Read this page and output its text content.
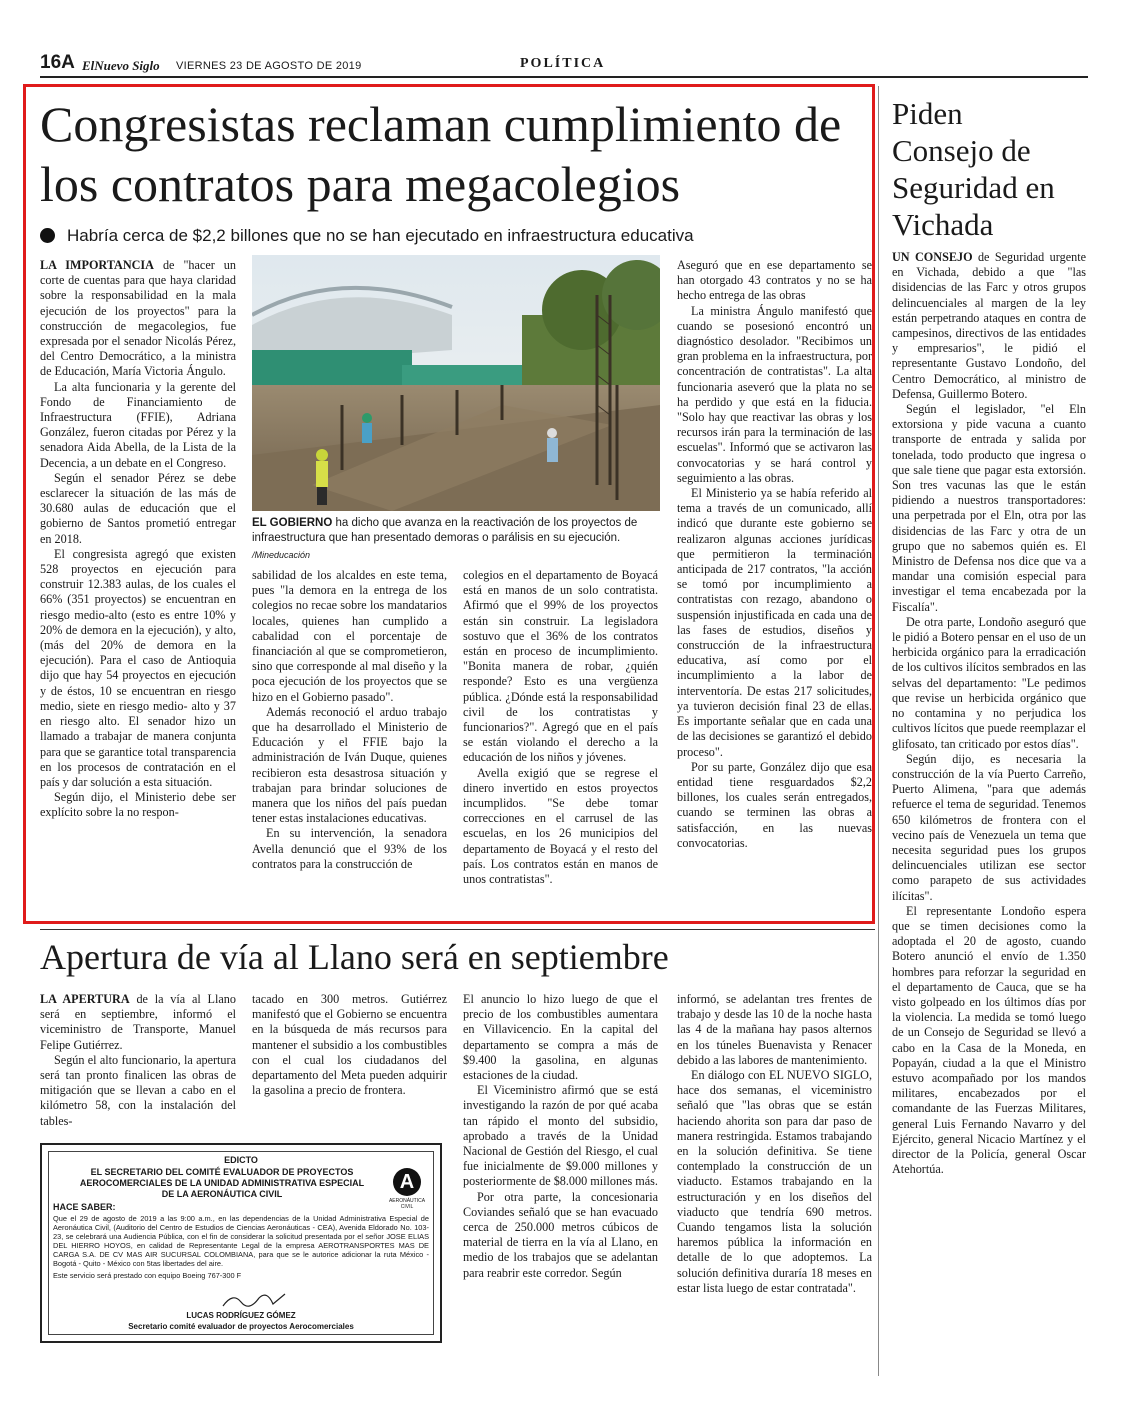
16A ElNuevo Siglo VIERNES 23 DE AGOSTO DE 2019	POLÍTICA
Congresistas reclaman cumplimiento de los contratos para megacolegios
Habría cerca de $2,2 billones que no se han ejecutado en infraestructura educativa

LA IMPORTANCIA de "hacer un corte de cuentas para que haya claridad sobre la responsabilidad en la mala ejecución de los proyectos" para la construcción de megacolegios, fue expresada por el senador Nicolás Pérez, del Centro Democrático, a la ministra de Educación, María Victoria Ángulo.

La alta funcionaria y la gerente del Fondo de Financiamiento de Infraestructura (FFIE), Adriana González, fueron citadas por Pérez y la senadora Aida Abella, de la Lista de la Decencia, a un debate en el Congreso.

Según el senador Pérez se debe esclarecer la situación de las más de 30.680 aulas de educación que el gobierno de Santos prometió entregar en 2018.

El congresista agregó que existen 528 proyectos en ejecución para construir 12.383 aulas, de los cuales el 66% (351 proyectos) se encuentran en riesgo medio-alto (esto es entre 10% y 20% de demora en la ejecución), y alto, (más del 20% de demora en la ejecución). Para el caso de Antioquia dijo que hay 54 proyectos en ejecución y de éstos, 10 se encuentran en riesgo medio, siete en riesgo medio- alto y 37 en riesgo alto. El senador hizo un llamado a trabajar de manera conjunta para que se garantice total transparencia en los procesos de contratación en el país y dar solución a esta situación.

Según dijo, el Ministerio debe ser explícito sobre la no respon-

sabilidad de los alcaldes en este tema, pues "la demora en la entrega de los colegios no recae sobre los mandatarios locales, quienes han cumplido a cabalidad con el porcentaje de financiación al que se comprometieron, sino que corresponde al mal diseño y la poca ejecución de los proyectos que se hizo en el Gobierno pasado".

Además reconoció el arduo trabajo que ha desarrollado el Ministerio de Educación y el FFIE bajo la administración de Iván Duque, quienes recibieron esta desastrosa situación y trabajan para brindar soluciones de manera que los niños del país puedan tener estas instalaciones educativas.

En su intervención, la senadora Avella denunció que el 93% de los contratos para la construcción de

colegios en el departamento de Boyacá está en manos de un solo contratista. Afirmó que el 99% de los proyectos están sin construir. La legisladora sostuvo que el 36% de los contratos están en proceso de incumplimiento. "Bonita manera de robar, ¿quién responde? Esto es una vergüenza pública. ¿Dónde está la responsabilidad civil de los contratistas y funcionarios?". Agregó que en el país se están violando el derecho a la educación de los niños y jóvenes.

Avella exigió que se regrese el dinero invertido en estos proyectos incumplidos. "Se debe tomar correcciones en el carrusel de las escuelas, en los 26 municipios del departamento de Boyacá y el resto del país. Los contratos están en manos de unos contratistas".

Aseguró que en ese departamento se han otorgado 43 contratos y no se ha hecho entrega de las obras

La ministra Ángulo manifestó que cuando se posesionó encontró un diagnóstico desolador. "Recibimos un gran problema en la infraestructura, por concentración de contratistas". La alta funcionaria aseveró que la plata no se ha perdido y que está en la fiducia. "Solo hay que reactivar las obras y los recursos irán para la terminación de las escuelas". Informó que se activaron las convocatorias y se hará control y seguimiento a las obras.

El Ministerio ya se había referido al tema a través de un comunicado, allí indicó que durante este gobierno se realizaron algunas acciones jurídicas que permitieron la terminación anticipada de 217 contratos, "la acción se tomó por incumplimiento a contratistas con rezago, abandono o suspensión injustificada en cada una de las fases de estudios, diseños y construcción de la infraestructura educativa, así como por el incumplimiento a la labor de interventoría. De estas 217 solicitudes, ya tuvieron decisión final 23 de ellas. Es importante señalar que en cada una de las decisiones se garantizó el debido proceso".

Por su parte, González dijo que esa entidad tiene resguardados $2,2 billones, los cuales serán entregados, cuando se terminen las obras a satisfacción, en las nuevas convocatorias.

EL GOBIERNO ha dicho que avanza en la reactivación de los proyectos de infraestructura que han presentado demoras o parálisis en su ejecución.
/Mineducación
Piden Consejo de Seguridad en Vichada

UN CONSEJO de Seguridad urgente en Vichada, debido a que "las disidencias de las Farc y otros grupos delincuenciales al margen de la ley están perpetrando ataques en contra de campesinos, directivos de las entidades y empresarios", le pidió el representante Gustavo Londoño, del Centro Democrático, al ministro de Defensa, Guillermo Botero.

Según el legislador, "el Eln extorsiona y pide vacuna a cuanto transporte de entrada y salida por tonelada, todo producto que ingresa o que sale tiene que pagar esta extorsión. Son tres vacunas las que le están pidiendo a nuestros transportadores: una perpetrada por el Eln, otra por las disidencias de las Farc y otra de un grupo que no sabemos quién es. El Ministro de Defensa nos dice que va a mandar una comisión especial para investigar el tema encabezada por la Fiscalía".

De otra parte, Londoño aseguró que le pidió a Botero pensar en el uso de un herbicida orgánico para la erradicación de los cultivos ilícitos sembrados en las selvas del departamento: "Le pedimos que revise un herbicida orgánico que no contamina y no perjudica los cultivos lícitos que puede reemplazar el glifosato, tan criticado por estos días".

Según dijo, es necesaria la construcción de la vía Puerto Carreño, Puerto Alimena, "para que además refuerce el tema de seguridad. Tenemos 650 kilómetros de frontera con el vecino país de Venezuela un tema que necesita seguridad pues los grupos delincuenciales utilizan ese sector como parapeto de sus actividades ilícitas".

El representante Londoño espera que se timen decisiones como la adoptada el 20 de agosto, cuando Botero anunció el envío de 1.350 hombres para reforzar la seguridad en el departamento de Cauca, que se ha visto golpeado en los últimos días por la violencia. La medida se tomó luego de un Consejo de Seguridad se llevó a cabo en la Casa de la Moneda, en Popayán, ciudad a la que el Ministro estuvo acompañado por los mandos militares, encabezados por el comandante de las Fuerzas Militares, general Luis Fernando Navarro y del Ejército, general Nicacio Martínez y el director de la Policía, general Oscar Atehortúa.

Apertura de vía al Llano será en septiembre

LA APERTURA de la vía al Llano será en septiembre, informó el viceministro de Transporte, Manuel Felipe Gutiérrez.

Según el alto funcionario, la apertura será tan pronto finalicen las obras de mitigación que se llevan a cabo en el kilómetro 58, con la instalación del tables-

tacado en 300 metros. Gutiérrez manifestó que el Gobierno se encuentra en la búsqueda de más recursos para mantener el subsidio a los combustibles con el cual los ciudadanos del departamento del Meta pueden adquirir la gasolina a precio de frontera.

El anuncio lo hizo luego de que el precio de los combustibles aumentara en Villavicencio. En la capital del departamento se compra a más de $9.400 la gasolina, en algunas estaciones de la ciudad.

El Viceministro afirmó que se está investigando la razón de por qué acaba tan rápido el monto del subsidio, aprobado a través de la Unidad Nacional de Gestión del Riesgo, el cual fue inicialmente de $9.000 millones y posteriormente de $8.000 millones más.

Por otra parte, la concesionaria Coviandes señaló que se han evacuado cerca de 250.000 metros cúbicos de material de tierra en la vía al Llano, en medio de los trabajos que se adelantan para reabrir este corredor. Según

informó, se adelantan tres frentes de trabajo y desde las 10 de la noche hasta las 4 de la mañana hay pasos alternos en los túneles Buenavista y Renacer debido a las labores de mantenimiento.

En diálogo con EL NUEVO SIGLO, hace dos semanas, el viceministro señaló que "las obras que se están haciendo ahorita son para dar paso de manera restringida. Estamos trabajando en la solución definitiva. Se tiene contemplado la construcción de un viaducto. Estamos trabajando en la estructuración y en los diseños del viaducto que tendría 690 metros. Cuando tengamos lista la solución haremos pública la información en detalle de lo que adoptemos. La solución definitiva duraría 18 meses en estar lista luego de estar contratada".

EDICTO
EL SECRETARIO DEL COMITÉ EVALUADOR DE PROYECTOS AEROCOMERCIALES DE LA UNIDAD ADMINISTRATIVA ESPECIAL DE LA AERONÁUTICA CIVIL
A
AERONÁUTICA CIVIL
HACE SABER:
Que el 29 de agosto de 2019 a las 9:00 a.m., en las dependencias de la Unidad Administrativa Especial de Aeronáutica Civil, (Auditorio del Centro de Estudios de Ciencias Aeronáuticas - CEA), Avenida Eldorado No. 103-23, se celebrará una Audiencia Pública, con el fin de considerar la solicitud presentada por el señor JOSE ELIAS DEL HIERRO HOYOS, en calidad de Representante Legal de la empresa AEROTRANSPORTES MAS DE CARGA S.A. DE CV MAS AIR SUCURSAL COLOMBIANA, para que se le autorice adicionar la ruta México -Bogotá - Quito - México con 5tas libertades del aire.
Este servicio será prestado con equipo Boeing 767-300 F
LUCAS RODRÍGUEZ GÓMEZ
Secretario comité evaluador de proyectos Aerocomerciales
